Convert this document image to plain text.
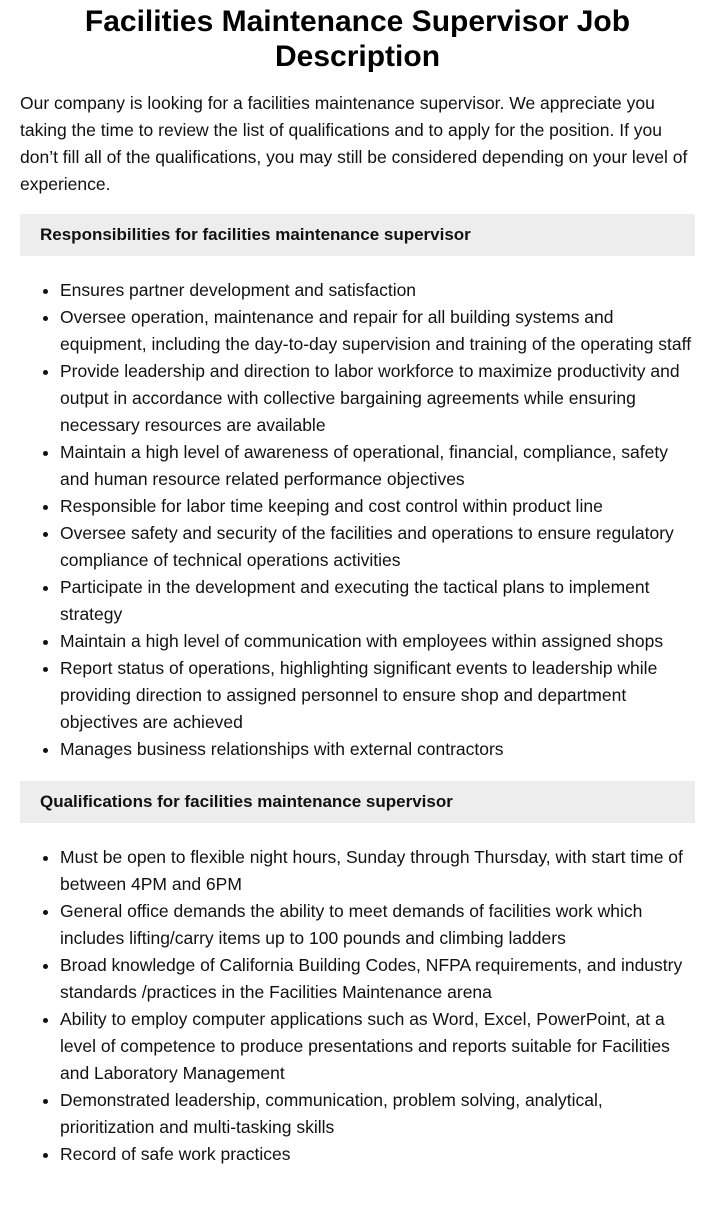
Facilities Maintenance Supervisor Job Description

Our company is looking for a facilities maintenance supervisor. We appreciate you taking the time to review the list of qualifications and to apply for the position. If you don’t fill all of the qualifications, you may still be considered depending on your level of experience.

Responsibilities for facilities maintenance supervisor
• Ensures partner development and satisfaction
• Oversee operation, maintenance and repair for all building systems and equipment, including the day-to-day supervision and training of the operating staff
• Provide leadership and direction to labor workforce to maximize productivity and output in accordance with collective bargaining agreements while ensuring necessary resources are available
• Maintain a high level of awareness of operational, financial, compliance, safety and human resource related performance objectives
• Responsible for labor time keeping and cost control within product line
• Oversee safety and security of the facilities and operations to ensure regulatory compliance of technical operations activities
• Participate in the development and executing the tactical plans to implement strategy
• Maintain a high level of communication with employees within assigned shops
• Report status of operations, highlighting significant events to leadership while providing direction to assigned personnel to ensure shop and department objectives are achieved
• Manages business relationships with external contractors
Qualifications for facilities maintenance supervisor
• Must be open to flexible night hours, Sunday through Thursday, with start time of between 4PM and 6PM
• General office demands the ability to meet demands of facilities work which includes lifting/carry items up to 100 pounds and climbing ladders
• Broad knowledge of California Building Codes, NFPA requirements, and industry standards /practices in the Facilities Maintenance arena
• Ability to employ computer applications such as Word, Excel, PowerPoint, at a level of competence to produce presentations and reports suitable for Facilities and Laboratory Management
• Demonstrated leadership, communication, problem solving, analytical, prioritization and multi-tasking skills
• Record of safe work practices
